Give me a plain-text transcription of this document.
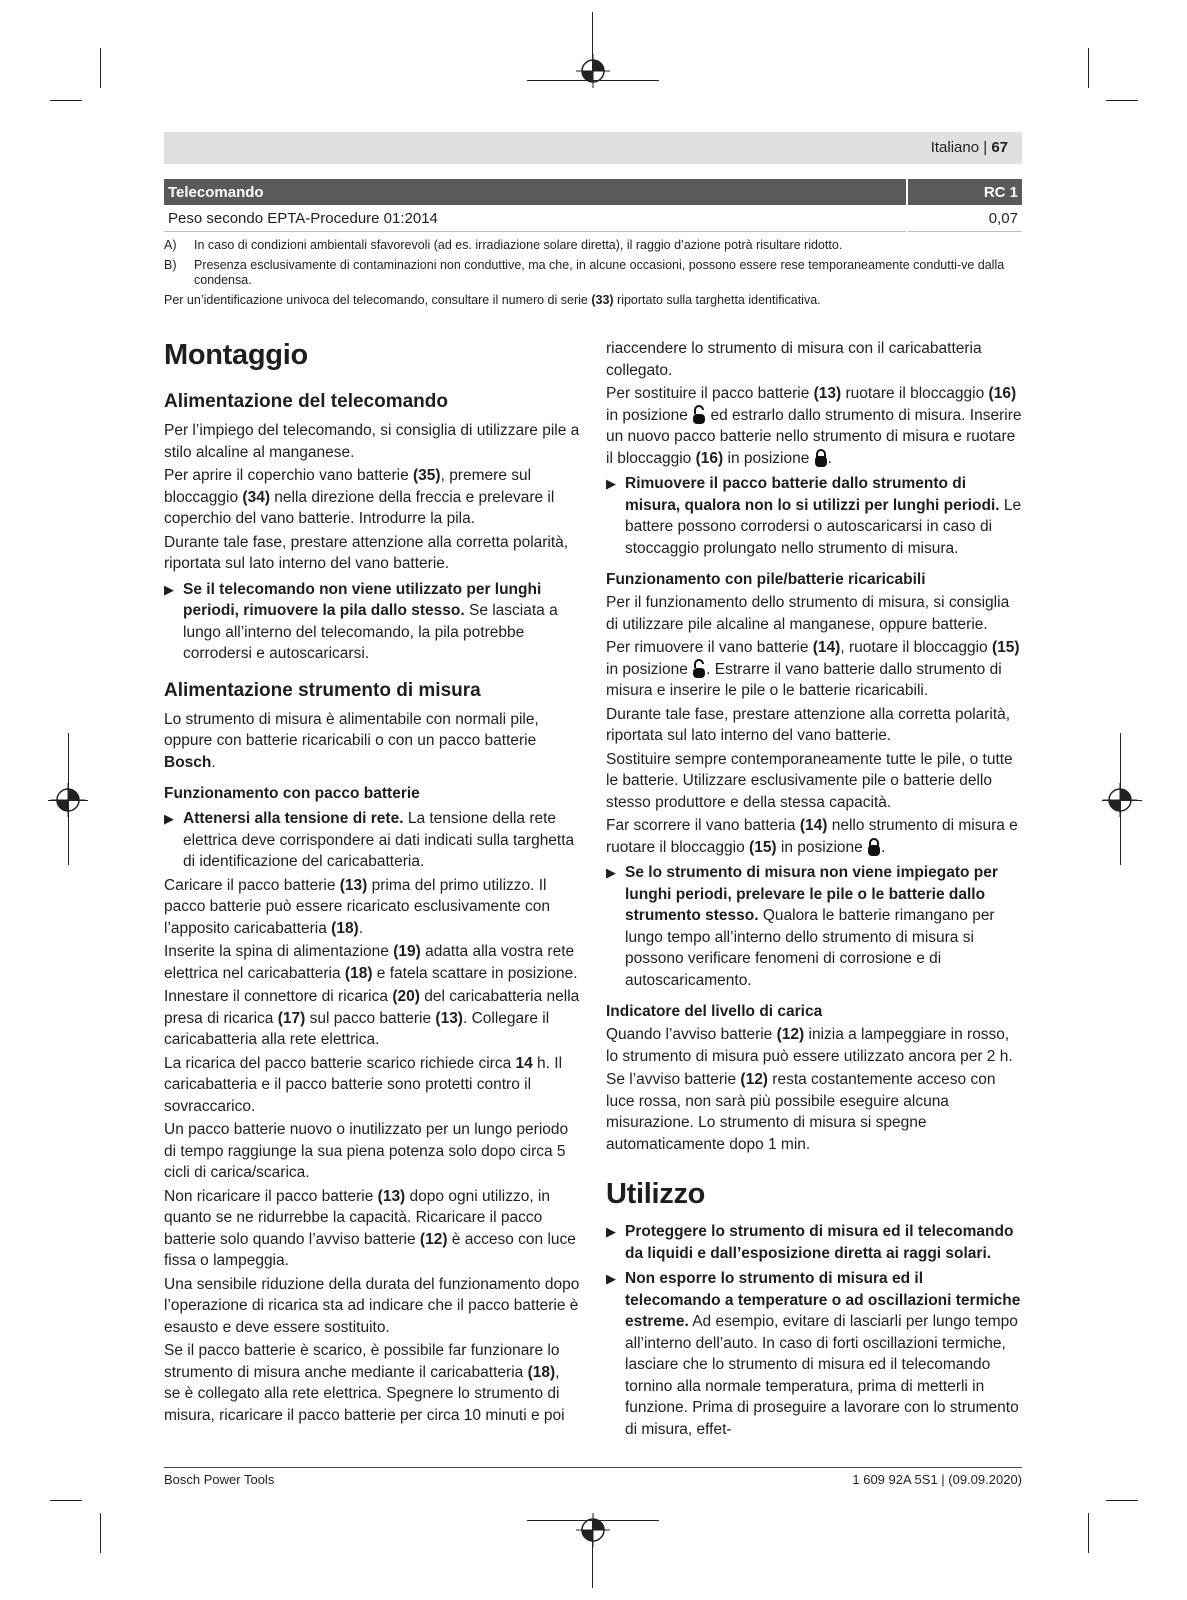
Italiano | 67
Telecomando	RC 1
Peso secondo EPTA-Procedure 01:2014	0,07
A)	In caso di condizioni ambientali sfavorevoli (ad es. irradiazione solare diretta), il raggio d’azione potrà risultare ridotto.
B)	Presenza esclusivamente di contaminazioni non conduttive, ma che, in alcune occasioni, possono essere rese temporaneamente condutti-ve dalla condensa.
Per un’identificazione univoca del telecomando, consultare il numero di serie (33) riportato sulla targhetta identificativa.
Montaggio
Alimentazione del telecomando

Per l’impiego del telecomando, si consiglia di utilizzare pile a stilo alcaline al manganese.

Per aprire il coperchio vano batterie (35), premere sul bloccaggio (34) nella direzione della freccia e prelevare il coperchio del vano batterie. Introdurre la pila.

Durante tale fase, prestare attenzione alla corretta polarità, riportata sul lato interno del vano batterie.

▶ Se il telecomando non viene utilizzato per lunghi periodi, rimuovere la pila dallo stesso. Se lasciata a lungo all’interno del telecomando, la pila potrebbe corrodersi e autoscaricarsi.
Alimentazione strumento di misura

Lo strumento di misura è alimentabile con normali pile, oppure con batterie ricaricabili o con un pacco batterie Bosch.

Funzionamento con pacco batterie
▶ Attenersi alla tensione di rete. La tensione della rete elettrica deve corrispondere ai dati indicati sulla targhetta di identificazione del caricabatteria.

Caricare il pacco batterie (13) prima del primo utilizzo. Il pacco batterie può essere ricaricato esclusivamente con l’apposito caricabatteria (18).

Inserite la spina di alimentazione (19) adatta alla vostra rete elettrica nel caricabatteria (18) e fatela scattare in posizione.

Innestare il connettore di ricarica (20) del caricabatteria nella presa di ricarica (17) sul pacco batterie (13). Collegare il caricabatteria alla rete elettrica.

La ricarica del pacco batterie scarico richiede circa 14 h. Il caricabatteria e il pacco batterie sono protetti contro il sovraccarico.

Un pacco batterie nuovo o inutilizzato per un lungo periodo di tempo raggiunge la sua piena potenza solo dopo circa 5 cicli di carica/scarica.

Non ricaricare il pacco batterie (13) dopo ogni utilizzo, in quanto se ne ridurrebbe la capacità. Ricaricare il pacco batterie solo quando l’avviso batterie (12) è acceso con luce fissa o lampeggia.

Una sensibile riduzione della durata del funzionamento dopo l’operazione di ricarica sta ad indicare che il pacco batterie è esausto e deve essere sostituito.

Se il pacco batterie è scarico, è possibile far funzionare lo strumento di misura anche mediante il caricabatteria (18), se è collegato alla rete elettrica. Spegnere lo strumento di misura, ricaricare il pacco batterie per circa 10 minuti e poi

riaccendere lo strumento di misura con il caricabatteria collegato.

Per sostituire il pacco batterie (13) ruotare il bloccaggio (16) in posizione  ed estrarlo dallo strumento di misura. Inserire un nuovo pacco batterie nello strumento di misura e ruotare il bloccaggio (16) in posizione .

▶ Rimuovere il pacco batterie dallo strumento di misura, qualora non lo si utilizzi per lunghi periodi. Le battere possono corrodersi o autoscaricarsi in caso di stoccaggio prolungato nello strumento di misura.
Funzionamento con pile/batterie ricaricabili

Per il funzionamento dello strumento di misura, si consiglia di utilizzare pile alcaline al manganese, oppure batterie.

Per rimuovere il vano batterie (14), ruotare il bloccaggio (15) in posizione . Estrarre il vano batterie dallo strumento di misura e inserire le pile o le batterie ricaricabili.

Durante tale fase, prestare attenzione alla corretta polarità, riportata sul lato interno del vano batterie.

Sostituire sempre contemporaneamente tutte le pile, o tutte le batterie. Utilizzare esclusivamente pile o batterie dello stesso produttore e della stessa capacità.

Far scorrere il vano batteria (14) nello strumento di misura e ruotare il bloccaggio (15) in posizione .

▶ Se lo strumento di misura non viene impiegato per lunghi periodi, prelevare le pile o le batterie dallo strumento stesso. Qualora le batterie rimangano per lungo tempo all’interno dello strumento di misura si possono verificare fenomeni di corrosione e di autoscaricamento.
Indicatore del livello di carica

Quando l’avviso batterie (12) inizia a lampeggiare in rosso, lo strumento di misura può essere utilizzato ancora per 2 h.

Se l’avviso batterie (12) resta costantemente acceso con luce rossa, non sarà più possibile eseguire alcuna misurazione. Lo strumento di misura si spegne automaticamente dopo 1 min.

Utilizzo
▶ Proteggere lo strumento di misura ed il telecomando da liquidi e dall’esposizione diretta ai raggi solari.
▶ Non esporre lo strumento di misura ed il telecomando a temperature o ad oscillazioni termiche estreme. Ad esempio, evitare di lasciarli per lungo tempo all’interno dell’auto. In caso di forti oscillazioni termiche, lasciare che lo strumento di misura ed il telecomando tornino alla normale temperatura, prima di metterli in funzione. Prima di proseguire a lavorare con lo strumento di misura, effet-
Bosch Power Tools	1 609 92A 5S1 | (09.09.2020)
